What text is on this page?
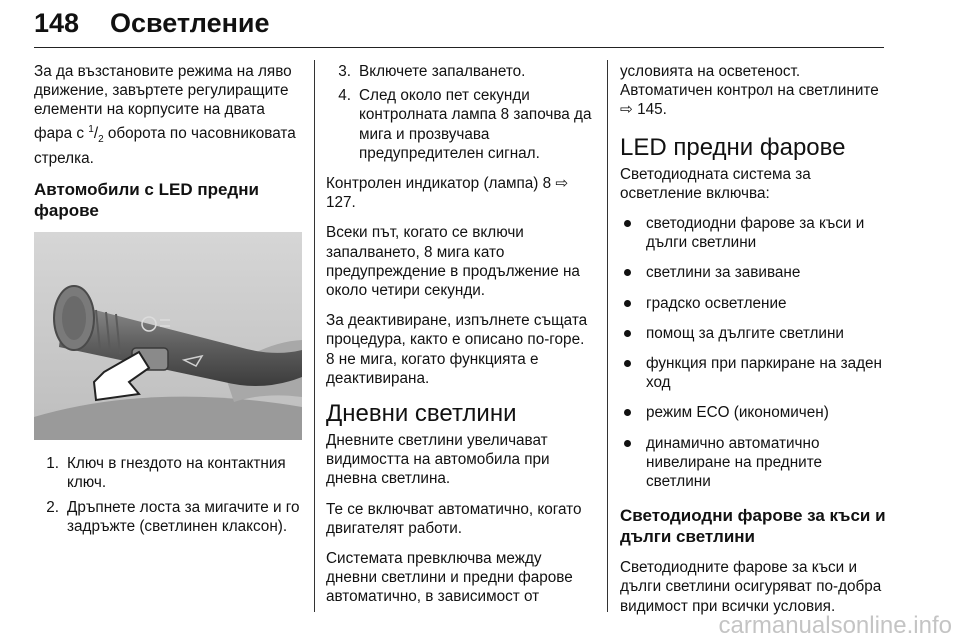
148 Осветление

За да възстановите режима на ляво движение, завъртете регулиращите елементи на корпусите на двата фара с $^1/_2$ оборота по часовниковата стрелка.

Автомобили с LED предни фарове
1. Ключ в гнездото на контактния ключ.
2. Дръпнете лоста за мигачите и го задръжте (светлинен клаксон).
3. Включете запалването.
4. След около пет секунди контролната лампа 8 започва да мига и прозвучава предупредителен сигнал.

Контролен индикатор (лампа) 8 ⇨ 127.

Всеки път, когато се включи запалването, 8 мига като предупреждение в продължение на около четири секунди.

За деактивиране, изпълнете същата процедура, както е описано по-горе. 8 не мига, когато функцията е деактивирана.

Дневни светлини

Дневните светлини увеличават видимостта на автомобила при дневна светлина.

Те се включват автоматично, когато двигателят работи.

Системата превключва между дневни светлини и предни фарове автоматично, в зависимост от

условията на осветеност.

Автоматичен контрол на светлините ⇨ 145.

LED предни фарове

Светодиодната система за осветление включва:

светодиодни фарове за къси и дълги светлини
светлини за завиване
градско осветление
помощ за дългите светлини
функция при паркиране на заден ход
режим ECO (икономичен)
динамично автоматично нивелиране на предните светлини
Светодиодни фарове за къси и дълги светлини

Светодиодните фарове за къси и дълги светлини осигуряват по-добра видимост при всички условия.

carmanualsonline.info
